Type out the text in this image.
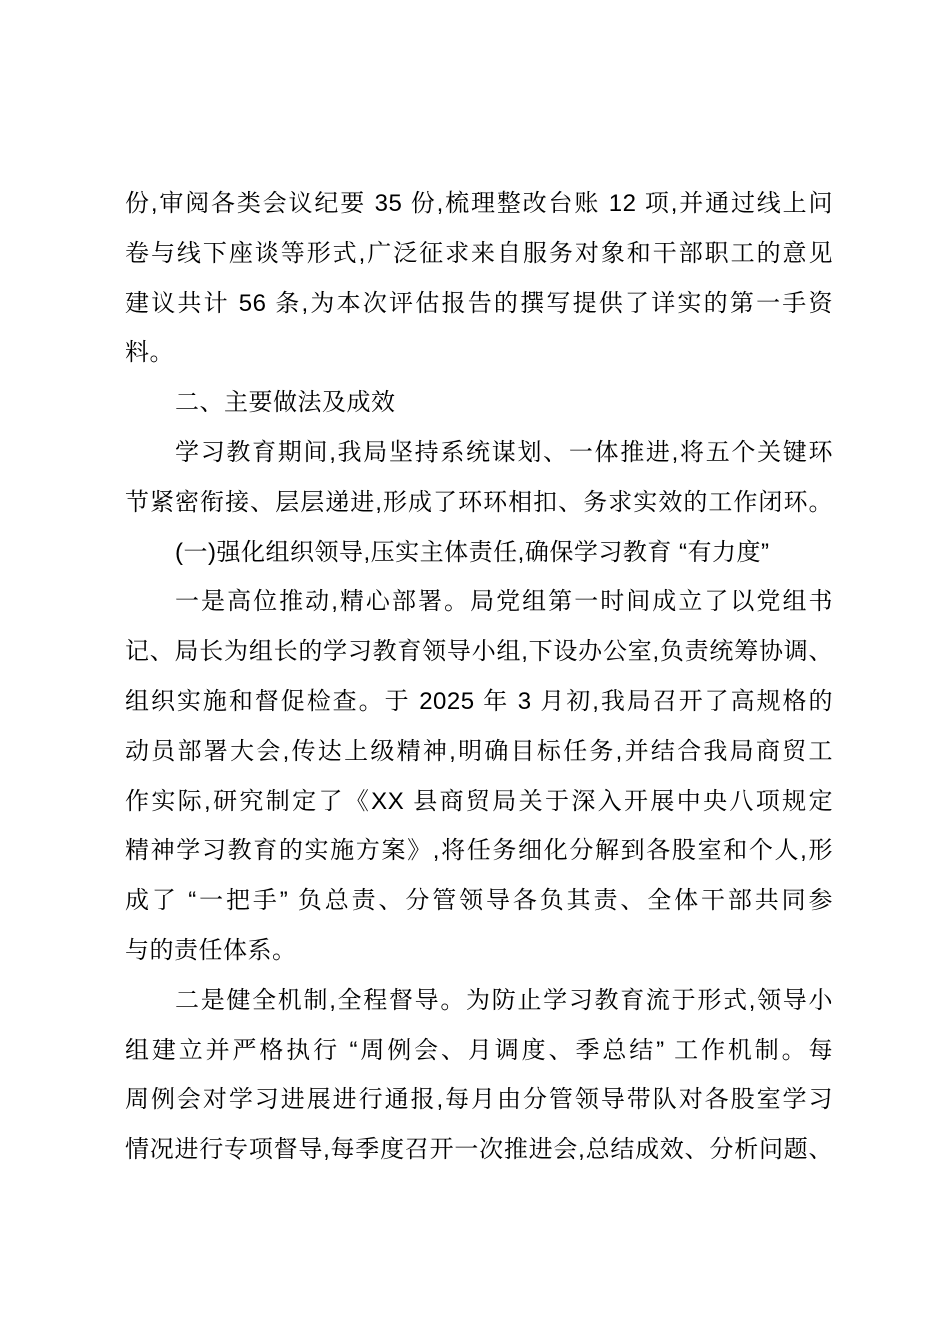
份,审阅各类会议纪要 35 份,梳理整改台账 12 项,并通过线上问
卷与线下座谈等形式,广泛征求来自服务对象和干部职工的意见
建议共计 56 条,为本次评估报告的撰写提供了详实的第一手资
料。
二、主要做法及成效
学习教育期间,我局坚持系统谋划、一体推进,将五个关键环
节紧密衔接、层层递进,形成了环环相扣、务求实效的工作闭环。
(一)强化组织领导,压实主体责任,确保学习教育 “有力度”
一是高位推动,精心部署。局党组第一时间成立了以党组书
记、局长为组长的学习教育领导小组,下设办公室,负责统筹协调、
组织实施和督促检查。于 2025 年 3 月初,我局召开了高规格的
动员部署大会,传达上级精神,明确目标任务,并结合我局商贸工
作实际,研究制定了《XX 县商贸局关于深入开展中央八项规定
精神学习教育的实施方案》,将任务细化分解到各股室和个人,形
成了 “一把手” 负总责、分管领导各负其责、全体干部共同参
与的责任体系。
二是健全机制,全程督导。为防止学习教育流于形式,领导小
组建立并严格执行 “周例会、月调度、季总结” 工作机制。每
周例会对学习进展进行通报,每月由分管领导带队对各股室学习
情况进行专项督导,每季度召开一次推进会,总结成效、分析问题、
